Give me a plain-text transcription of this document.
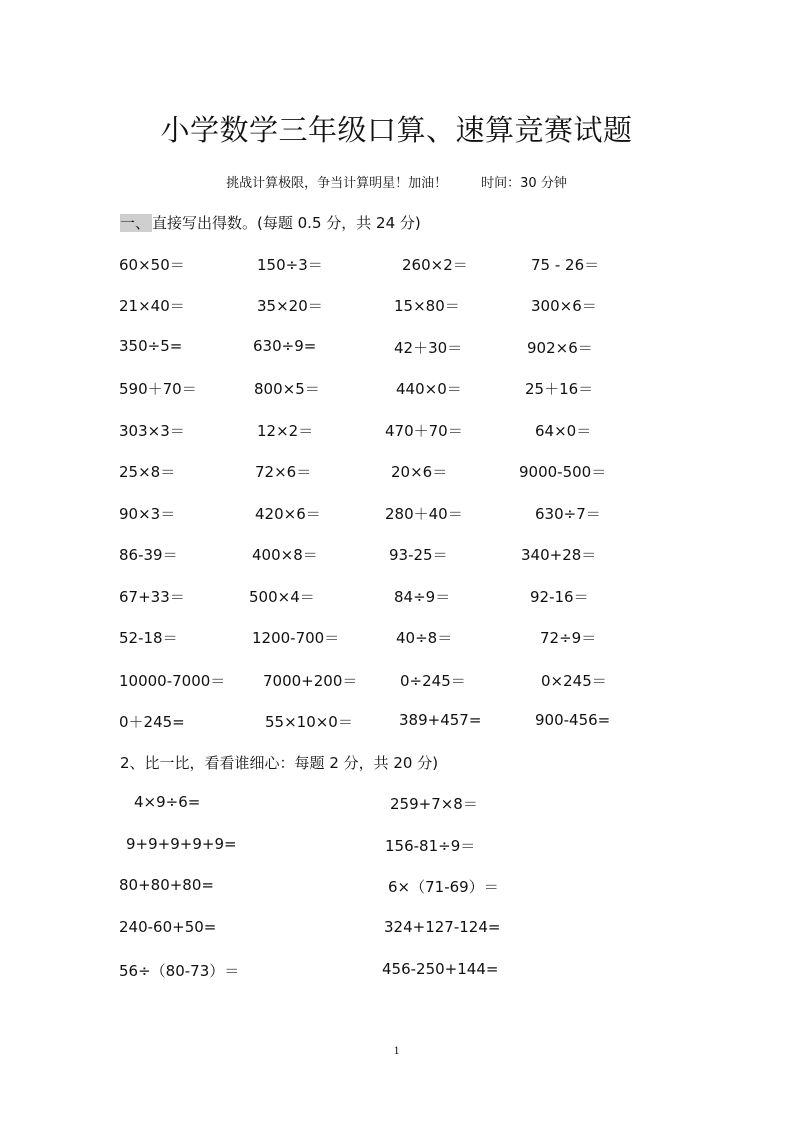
小学数学三年级口算、速算竞赛试题
挑战计算极限，争当计算明星！加油！	时间：30 分钟
一、 直接写出得数。(每题 0.5 分，共 24 分)
60×50＝	150÷3＝	260×2＝	75 - 26＝
21×40＝	35×20＝	15×80＝	300×6＝
350÷5=	630÷9=	42＋30＝	902×6＝
590＋70＝	800×5＝	440×0＝	25＋16＝
303×3＝	12×2＝	470＋70＝	64×0＝
25×8＝	72×6＝	20×6＝	9000-500＝
90×3＝	420×6＝	280＋40＝	630÷7＝
86-39＝	400×8＝	93-25＝	340+28＝
67+33＝	500×4＝	84÷9＝	92-16＝
52-18＝	1200-700＝	40÷8＝	72÷9＝
10000-7000＝	7000+200＝	0÷245＝	0×245＝
0＋245=	55×10×0＝	389+457=	900-456=
2、比一比，看看谁细心：每题 2 分，共 20 分)
4×9÷6=	259+7×8＝
9+9+9+9+9=	156-81÷9＝
80+80+80=	6×（71-69）＝
240-60+50=	324+127-124=
56÷（80-73）＝	456-250+144=
1
